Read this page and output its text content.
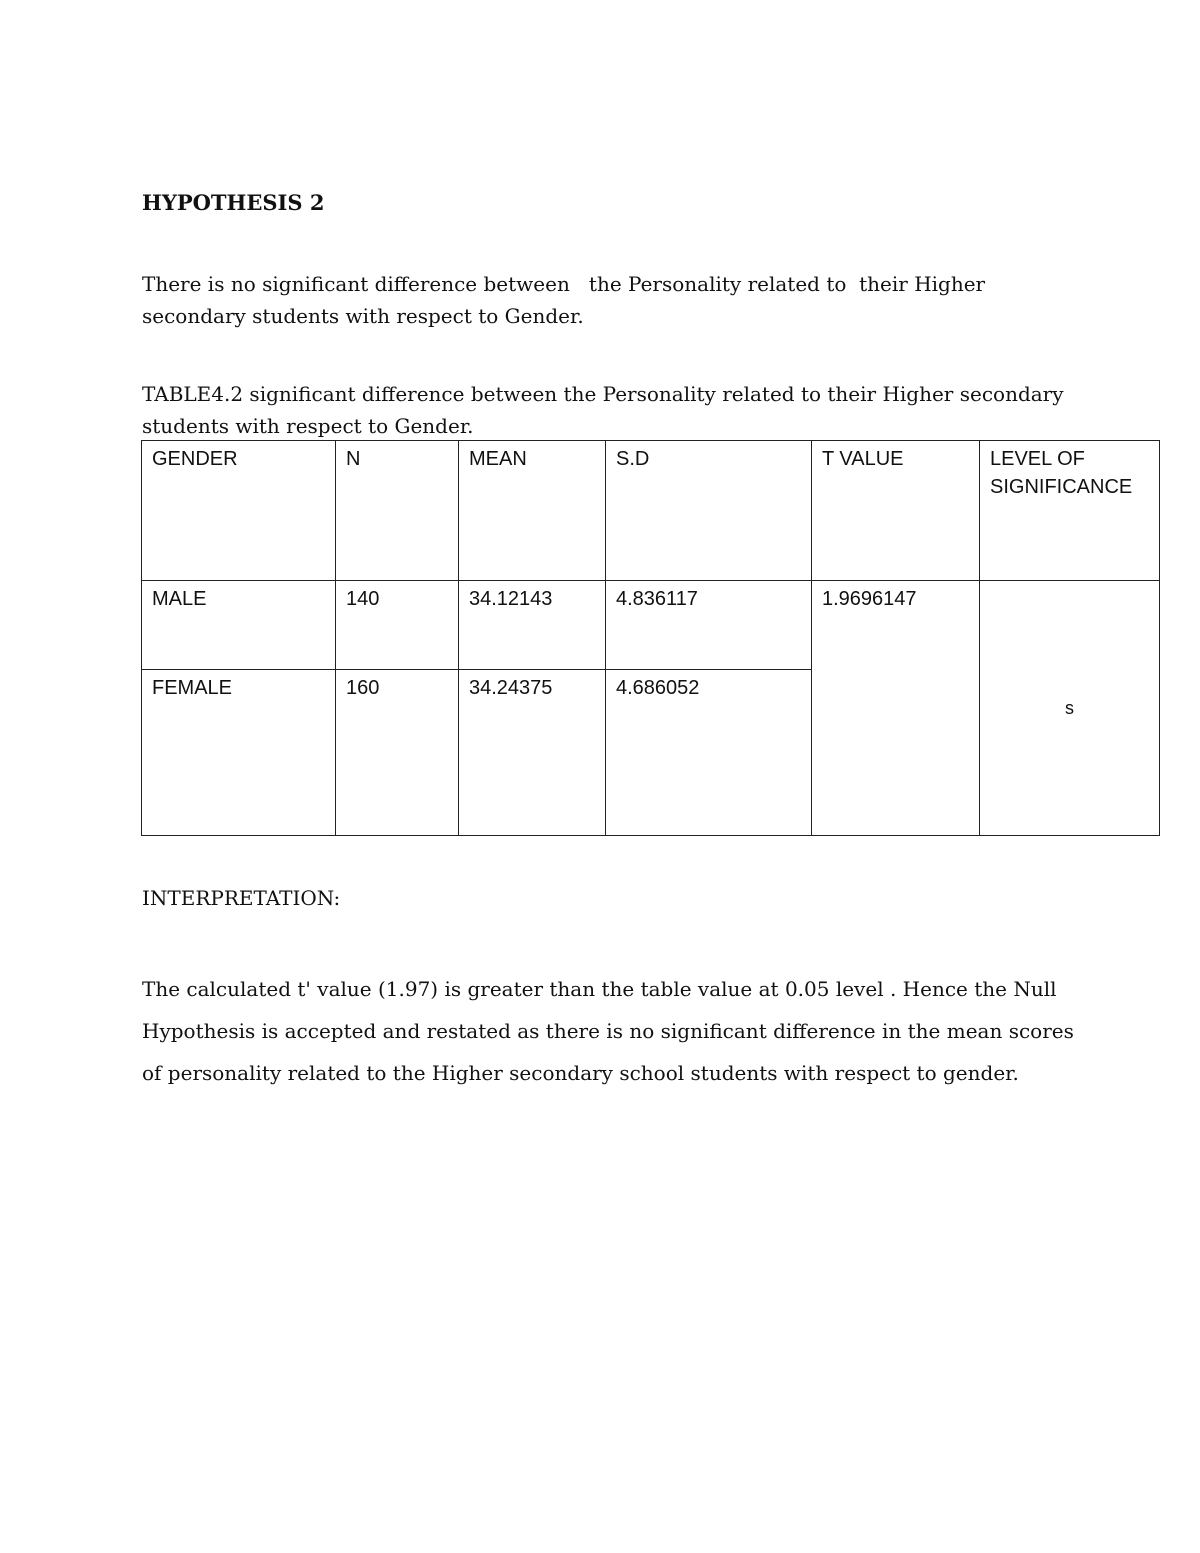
HYPOTHESIS 2
There is no significant difference between   the Personality related to  their Higher
secondary students with respect to Gender.
TABLE4.2 significant difference between the Personality related to their Higher secondary
students with respect to Gender.
GENDER	N	MEAN	S.D	T VALUE	LEVEL OF SIGNIFICANCE
MALE	140	34.12143	4.836117	1.9696147	s
FEMALE	160	34.24375	4.686052		
INTERPRETATION:
The calculated t' value (1.97) is greater than the table value at 0.05 level . Hence the Null
Hypothesis is accepted and restated as there is no significant difference in the mean scores
of personality related to the Higher secondary school students with respect to gender.
